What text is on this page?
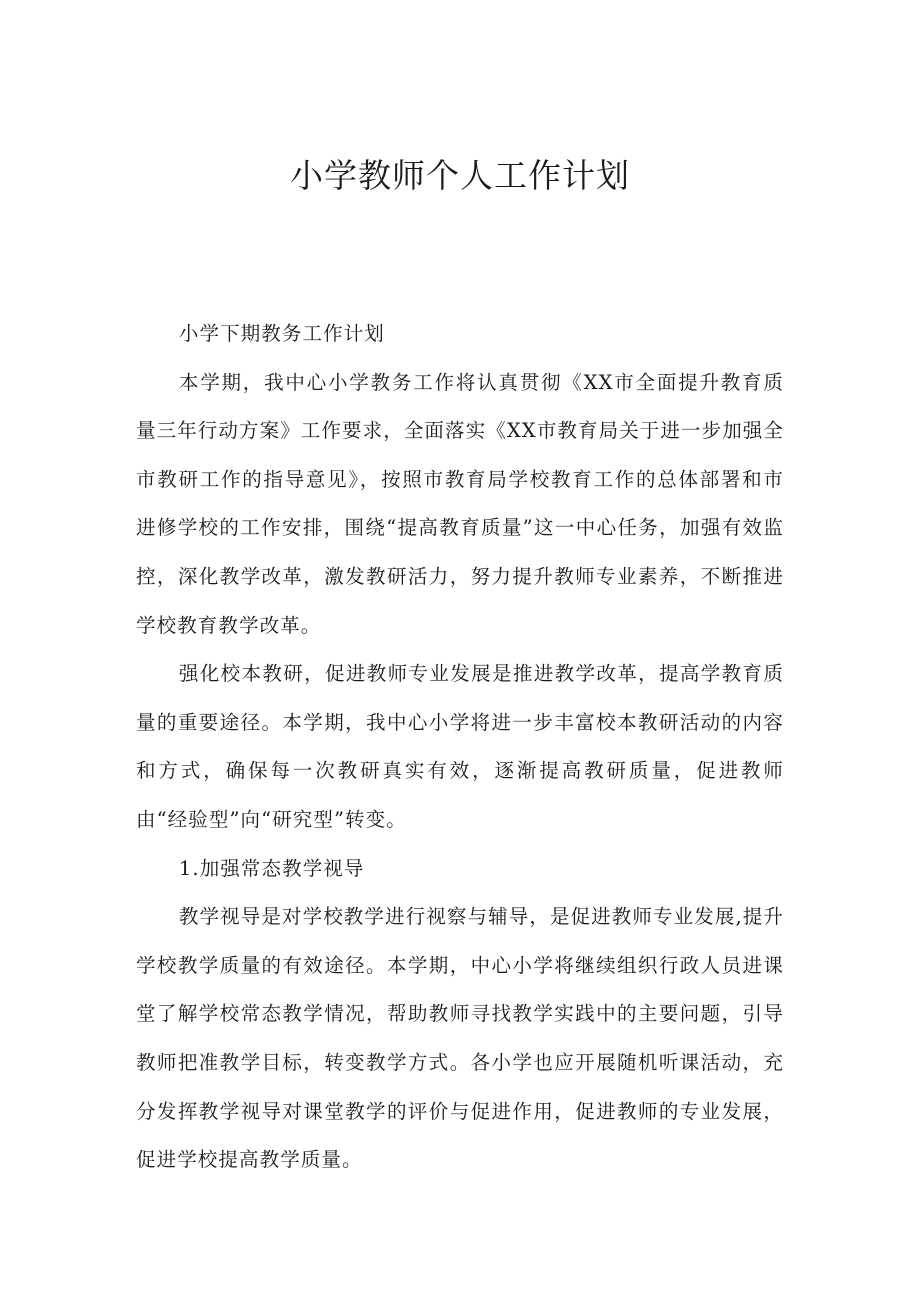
小学教师个人工作计划

小学下期教务工作计划

本学期，我中心小学教务工作将认真贯彻《XX市全面提升教育质量三年行动方案》工作要求，全面落实《XX市教育局关于进一步加强全市教研工作的指导意见》，按照市教育局学校教育工作的总体部署和市进修学校的工作安排，围绕“提高教育质量”这一中心任务，加强有效监控，深化教学改革，激发教研活力，努力提升教师专业素养，不断推进学校教育教学改革。

强化校本教研，促进教师专业发展是推进教学改革，提高学教育质量的重要途径。本学期，我中心小学将进一步丰富校本教研活动的内容和方式，确保每一次教研真实有效，逐渐提高教研质量，促进教师由“经验型”向“研究型”转变。

1.加强常态教学视导

教学视导是对学校教学进行视察与辅导，是促进教师专业发展,提升学校教学质量的有效途径。本学期，中心小学将继续组织行政人员进课堂了解学校常态教学情况，帮助教师寻找教学实践中的主要问题，引导教师把准教学目标，转变教学方式。各小学也应开展随机听课活动，充分发挥教学视导对课堂教学的评价与促进作用，促进教师的专业发展，促进学校提高教学质量。
